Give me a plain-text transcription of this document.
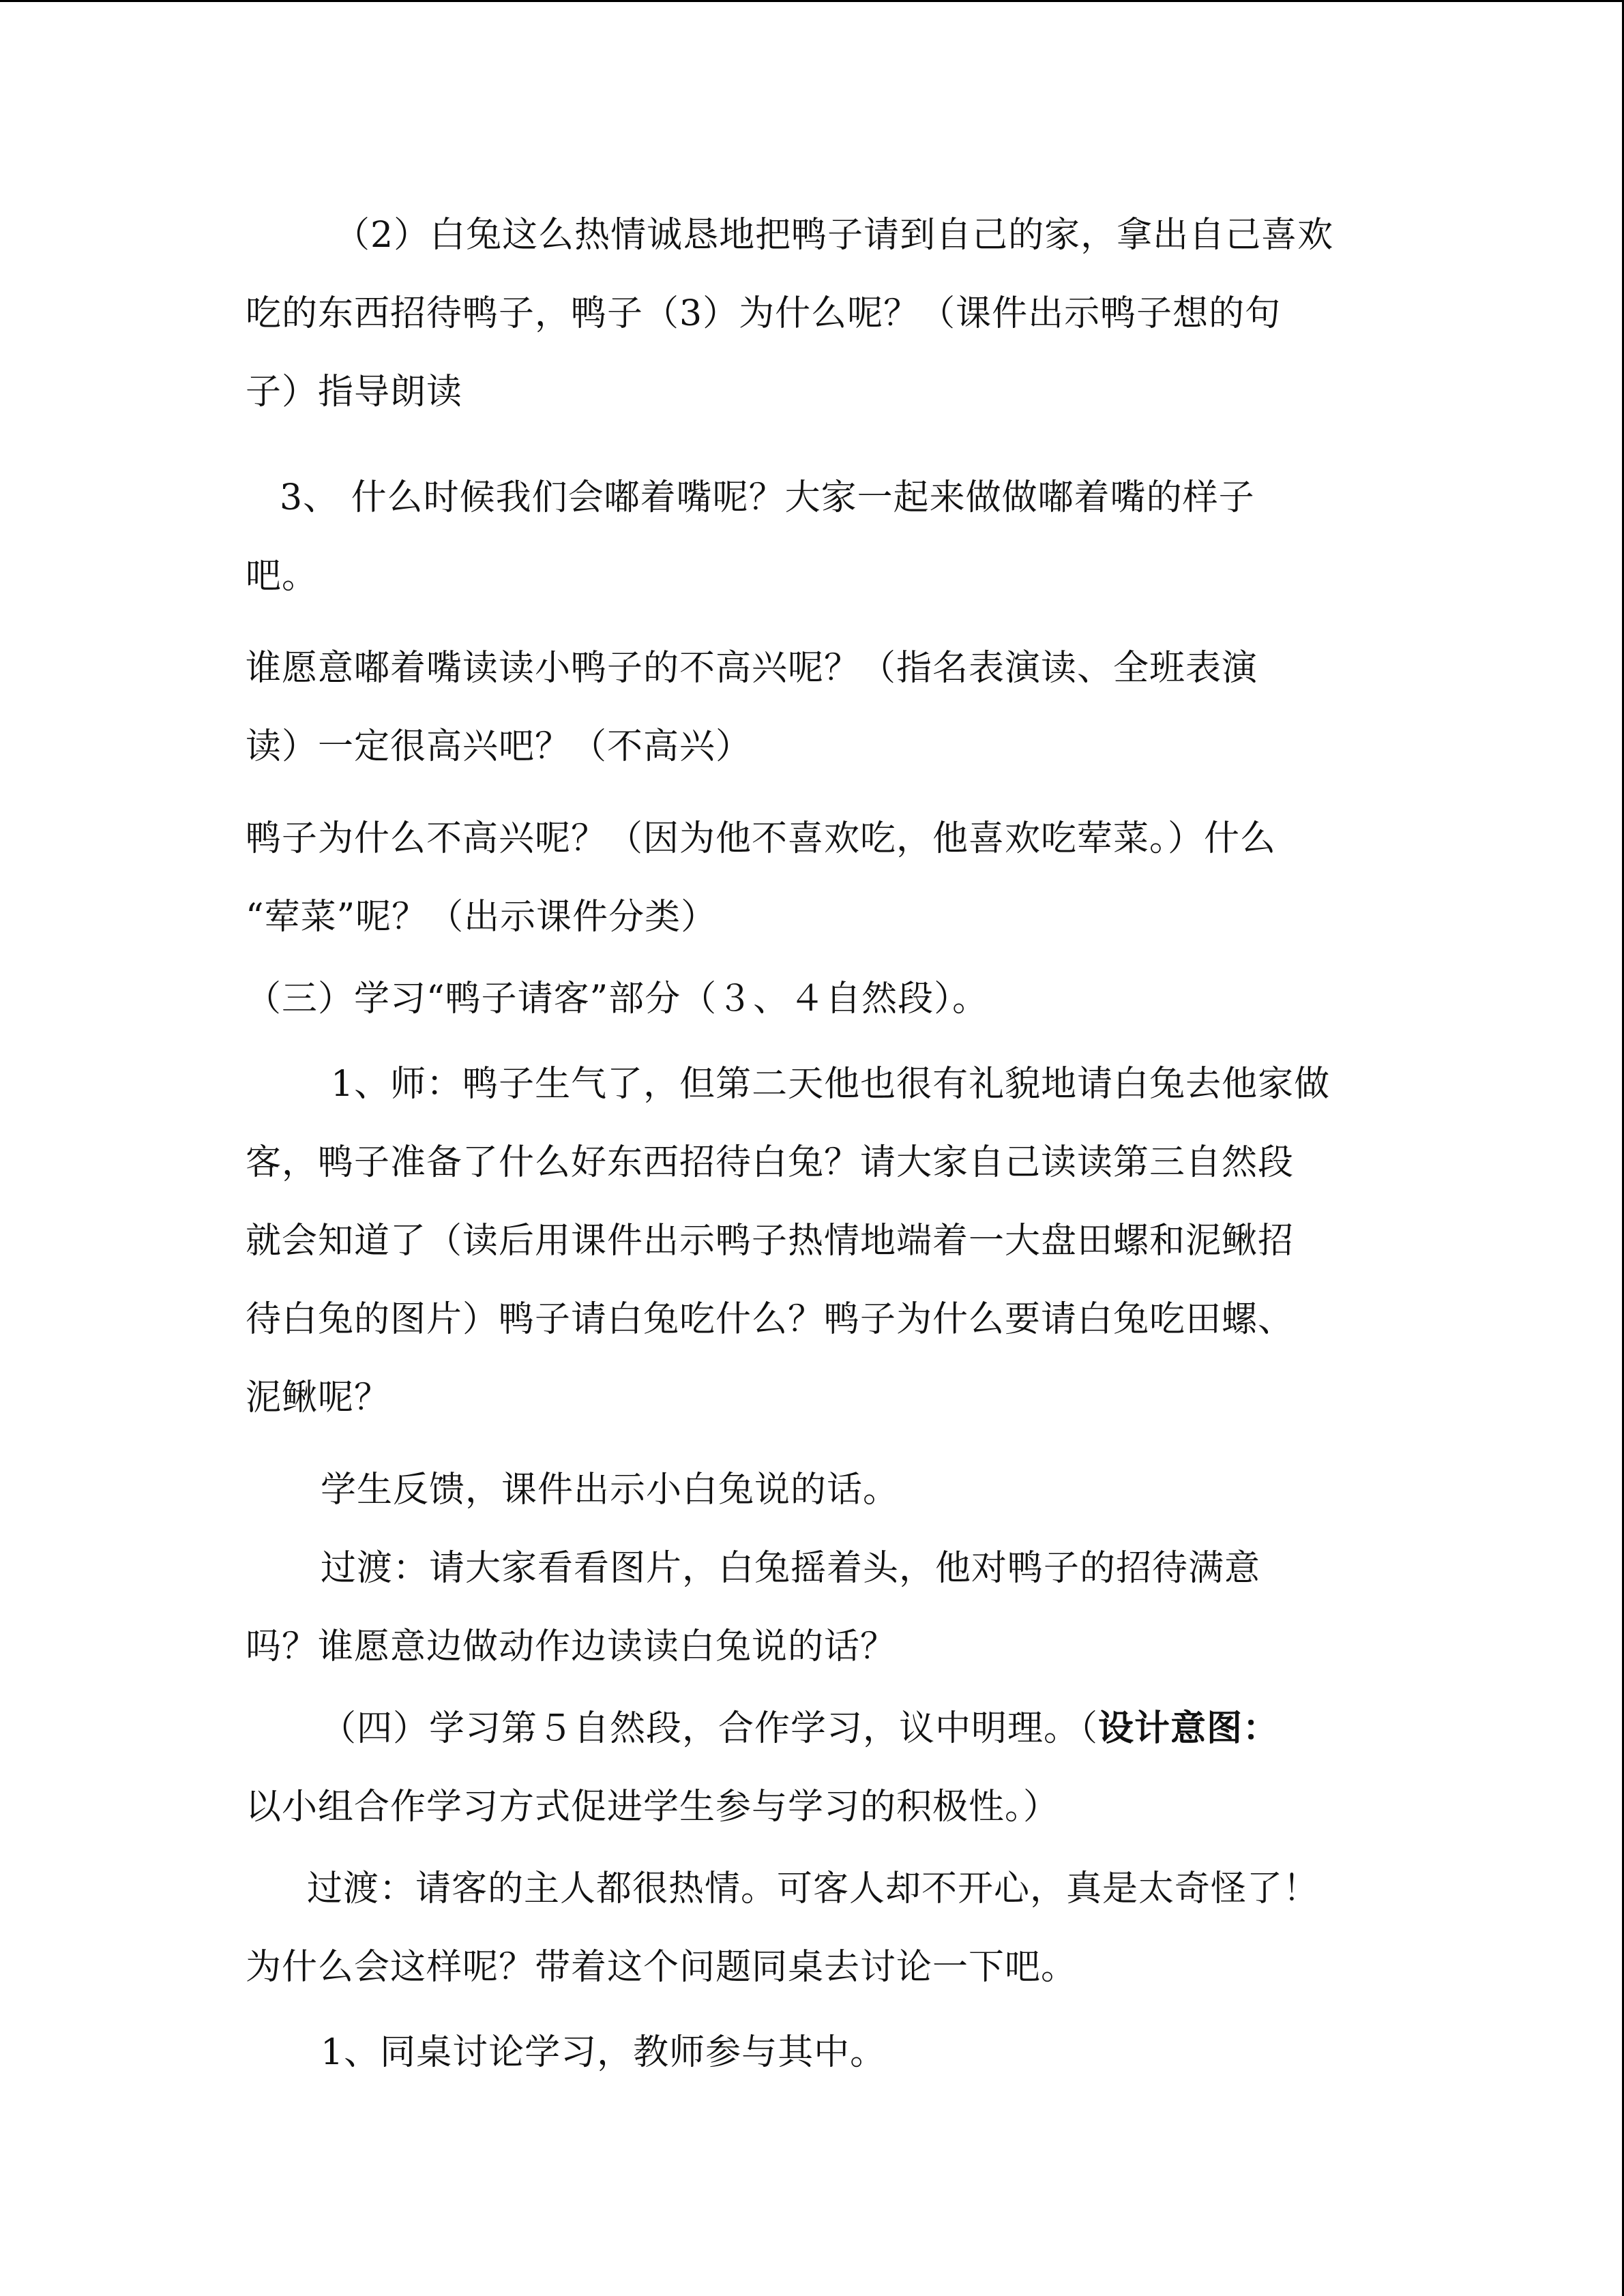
（2）白兔这么热情诚恳地把鸭子请到自己的家，拿出自己喜欢
吃的东西招待鸭子，鸭子（3）为什么呢？（课件出示鸭子想的句
子）指导朗读
3、 什么时候我们会嘟着嘴呢？大家一起来做做嘟着嘴的样子
吧。
谁愿意嘟着嘴读读小鸭子的不高兴呢？（指名表演读、全班表演
读）一定很高兴吧？（不高兴）
鸭子为什么不高兴呢？（因为他不喜欢吃，他喜欢吃荤菜。）什么
“荤菜”呢？（出示课件分类）
（三）学习“鸭子请客”部分（３、４自然段）。
1、师：鸭子生气了，但第二天他也很有礼貌地请白兔去他家做
客，鸭子准备了什么好东西招待白兔？请大家自己读读第三自然段
就会知道了（读后用课件出示鸭子热情地端着一大盘田螺和泥鳅招
待白兔的图片）鸭子请白兔吃什么？鸭子为什么要请白兔吃田螺、
泥鳅呢？
学生反馈，课件出示小白兔说的话。
过渡：请大家看看图片，白兔摇着头，他对鸭子的招待满意
吗？谁愿意边做动作边读读白兔说的话？
（四）学习第５自然段，合作学习，议中明理。（设计意图：
以小组合作学习方式促进学生参与学习的积极性。）
过渡：请客的主人都很热情。可客人却不开心，真是太奇怪了！
为什么会这样呢？带着这个问题同桌去讨论一下吧。
1、同桌讨论学习，教师参与其中。
